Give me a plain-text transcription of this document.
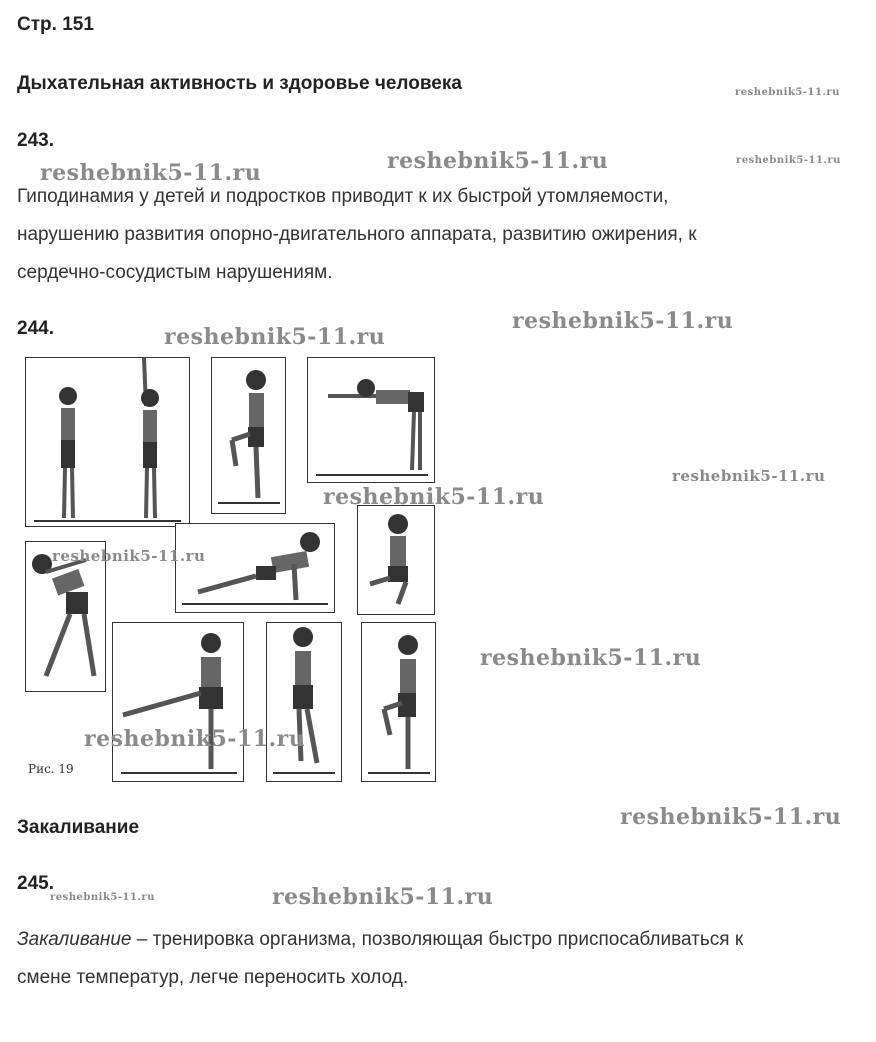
Стр. 151
Дыхательная активность и здоровье человека
243.
Гиподинамия у детей и подростков приводит к их быстрой утомляемости,
нарушению развития опорно-двигательного аппарата, развитию ожирения, к
сердечно-сосудистым нарушениям.
244.
Рис. 19
Закаливание
245.
Закаливание – тренировка организма, позволяющая быстро приспосабливаться к
смене температур, легче переносить холод.
reshebnik5-11.ru
reshebnik5-11.ru
reshebnik5-11.ru	reshebnik5-11.ru
reshebnik5-11.ru
reshebnik5-11.ru
reshebnik5-11.ru
reshebnik5-11.ru
reshebnik5-11.ru
reshebnik5-11.ru
reshebnik5-11.ru
reshebnik5-11.ru
reshebnik5-11.ru	reshebnik5-11.ru
